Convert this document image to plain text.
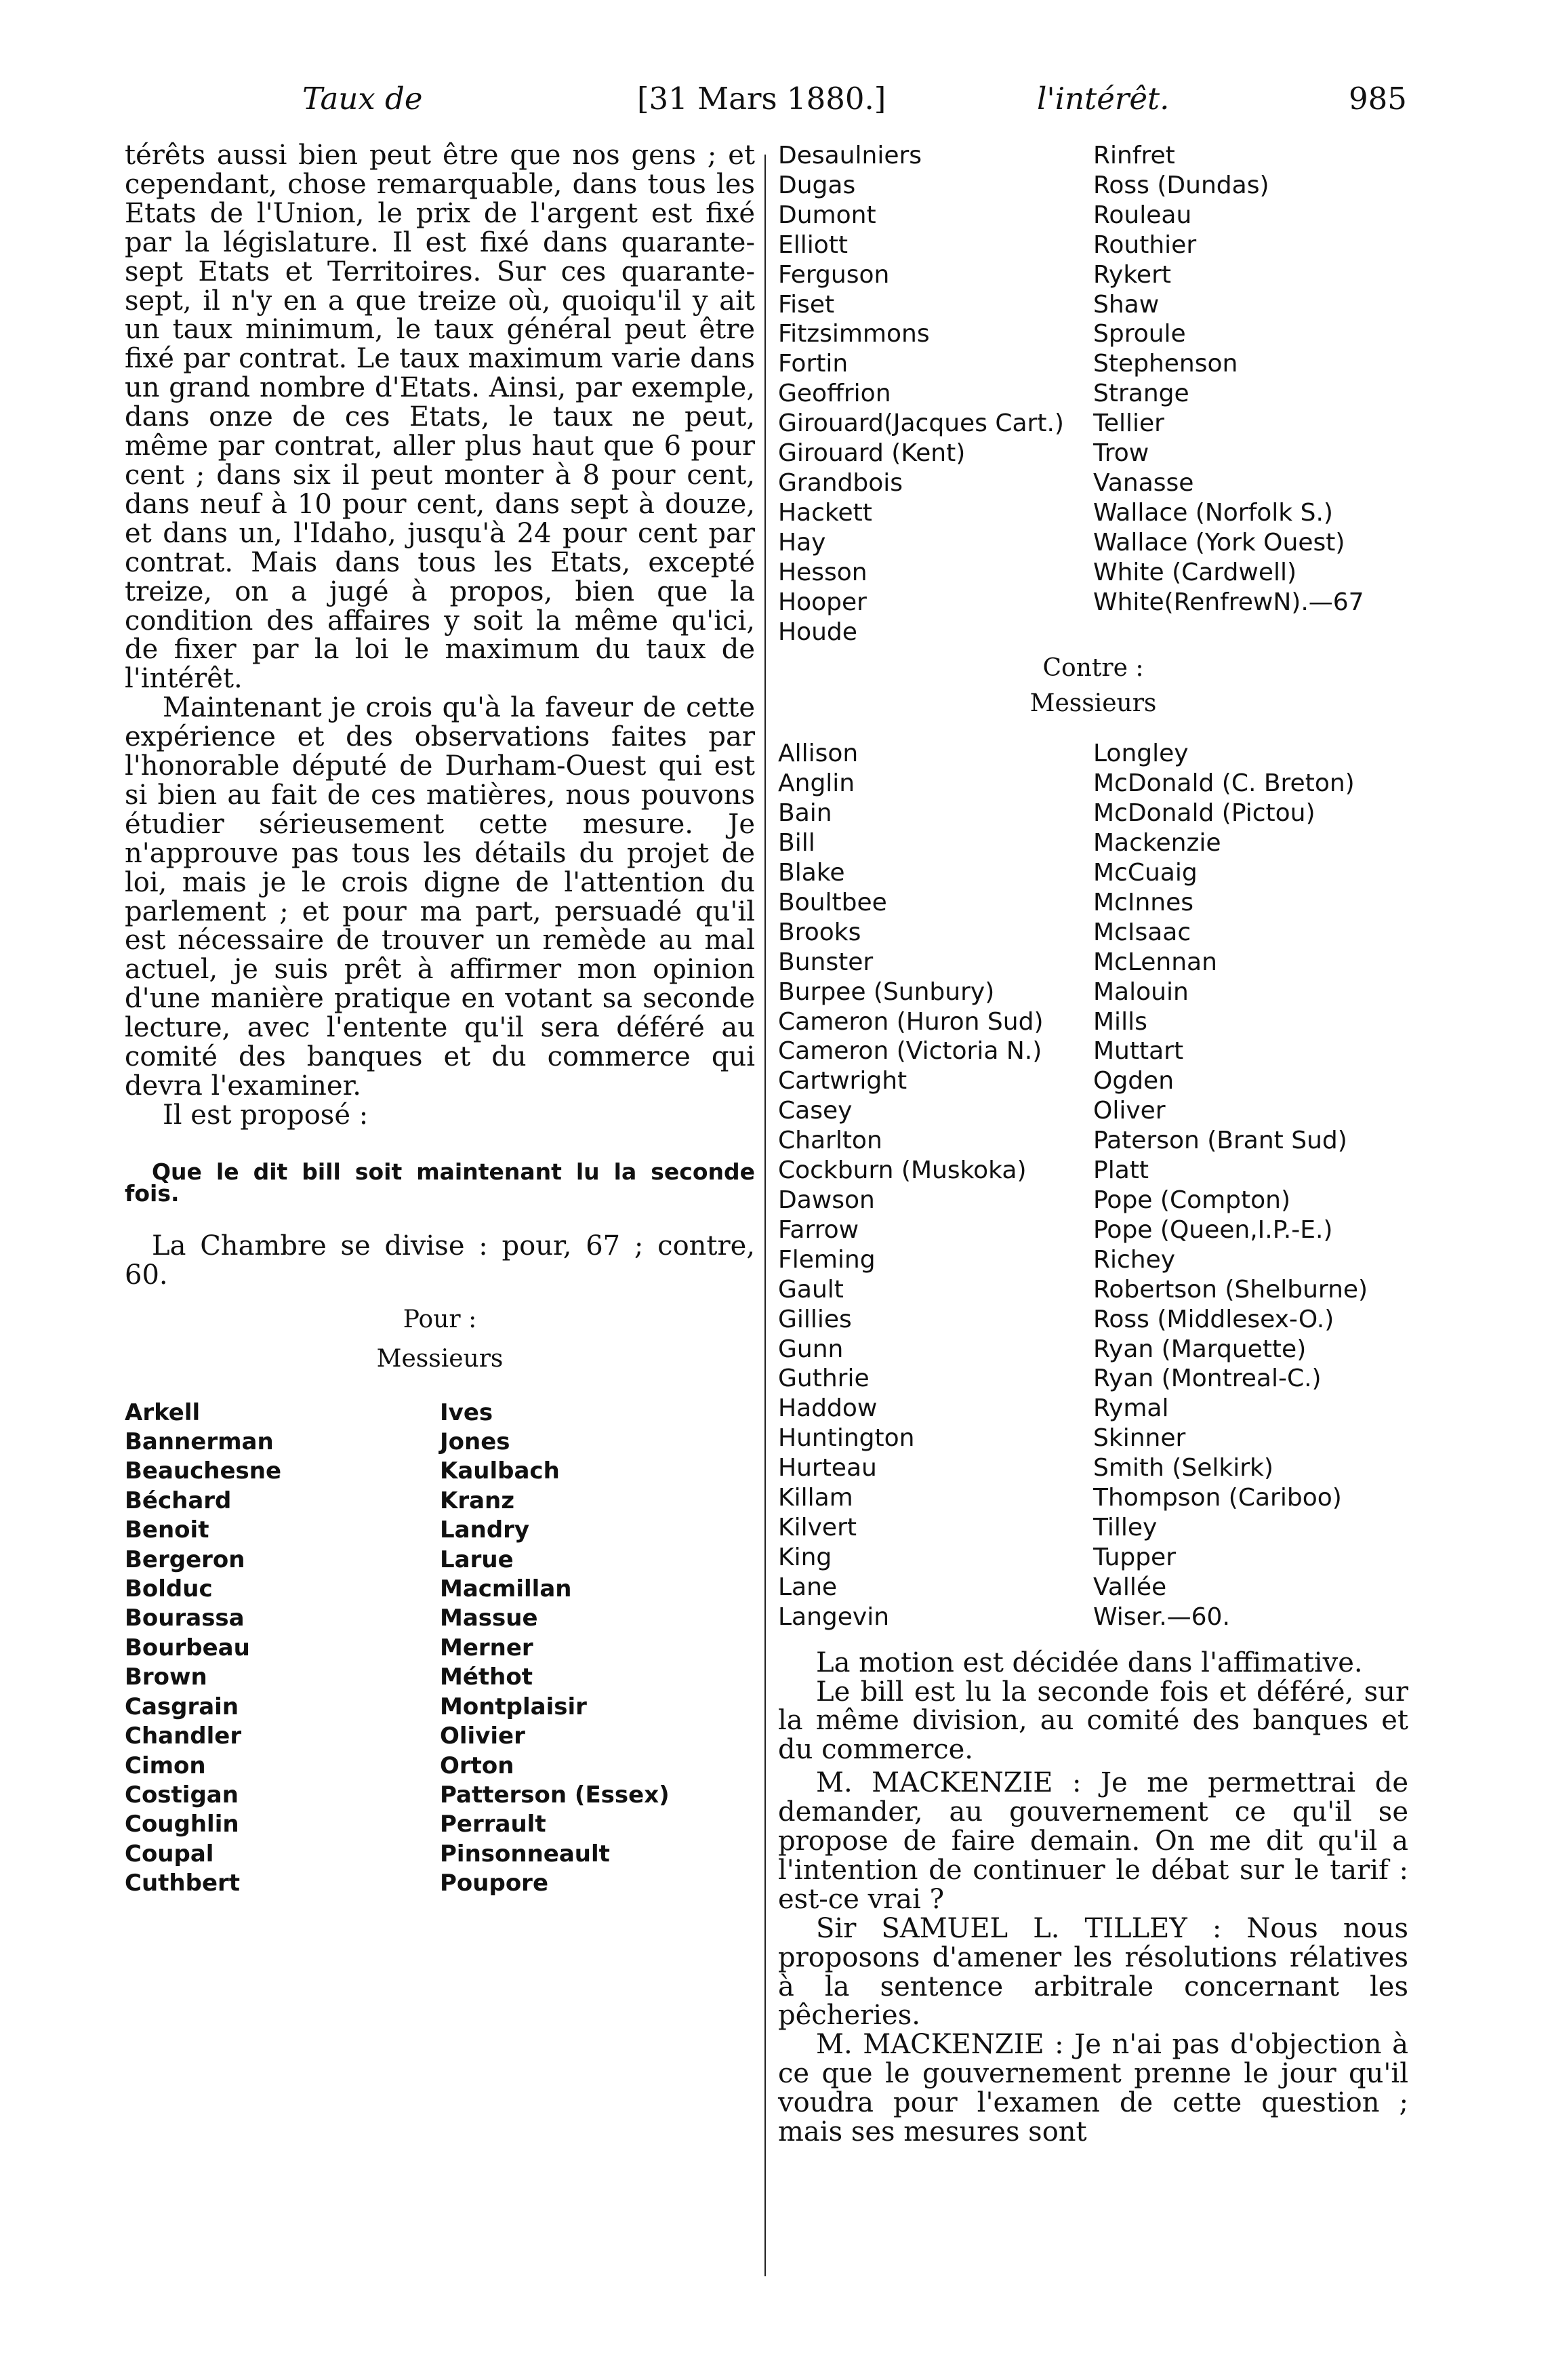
Taux de	[31 Mars 1880.]	l'intérêt.	985

térêts aussi bien peut être que nos gens ; et cependant, chose remarquable, dans tous les Etats de l'Union, le prix de l'argent est fixé par la législature. Il est fixé dans quarante-sept Etats et Territoires. Sur ces quarante-sept, il n'y en a que treize où, quoiqu'il y ait un taux minimum, le taux général peut être fixé par contrat. Le taux maximum varie dans un grand nombre d'Etats. Ainsi, par exemple, dans onze de ces Etats, le taux ne peut, même par contrat, aller plus haut que 6 pour cent ; dans six il peut monter à 8 pour cent, dans neuf à 10 pour cent, dans sept à douze, et dans un, l'Idaho, jusqu'à 24 pour cent par contrat. Mais dans tous les Etats, excepté treize, on a jugé à propos, bien que la condition des affaires y soit la même qu'ici, de fixer par la loi le maximum du taux de l'intérêt.

Maintenant je crois qu'à la faveur de cette expérience et des observations faites par l'honorable député de Durham-Ouest qui est si bien au fait de ces matières, nous pouvons étudier sérieusement cette mesure. Je n'approuve pas tous les détails du projet de loi, mais je le crois digne de l'attention du parlement ; et pour ma part, persuadé qu'il est nécessaire de trouver un remède au mal actuel, je suis prêt à affirmer mon opinion d'une manière pratique en votant sa seconde lecture, avec l'entente qu'il sera déféré au comité des banques et du commerce qui devra l'examiner.

Il est proposé :

Que le dit bill soit maintenant lu la seconde fois.

La Chambre se divise : pour, 67 ; contre, 60.

Pour :

Messieurs

Arkell	Ives
Bannerman	Jones
Beauchesne	Kaulbach
Béchard	Kranz
Benoit	Landry
Bergeron	Larue
Bolduc	Macmillan
Bourassa	Massue
Bourbeau	Merner
Brown	Méthot
Casgrain	Montplaisir
Chandler	Olivier
Cimon	Orton
Costigan	Patterson (Essex)
Coughlin	Perrault
Coupal	Pinsonneault
Cuthbert	Poupore
Desaulniers	Rinfret
Dugas	Ross (Dundas)
Dumont	Rouleau
Elliott	Routhier
Ferguson	Rykert
Fiset	Shaw
Fitzsimmons	Sproule
Fortin	Stephenson
Geoffrion	Strange
Girouard(Jacques Cart.)	Tellier
Girouard (Kent)	Trow
Grandbois	Vanasse
Hackett	Wallace (Norfolk S.)
Hay	Wallace (York Ouest)
Hesson	White (Cardwell)
Hooper	White(RenfrewN).—67
Houde

Contre :

Messieurs

Allison	Longley
Anglin	McDonald (C. Breton)
Bain	McDonald (Pictou)
Bill	Mackenzie
Blake	McCuaig
Boultbee	McInnes
Brooks	McIsaac
Bunster	McLennan
Burpee (Sunbury)	Malouin
Cameron (Huron Sud)	Mills
Cameron (Victoria N.)	Muttart
Cartwright	Ogden
Casey	Oliver
Charlton	Paterson (Brant Sud)
Cockburn (Muskoka)	Platt
Dawson	Pope (Compton)
Farrow	Pope (Queen,I.P.-E.)
Fleming	Richey
Gault	Robertson (Shelburne)
Gillies	Ross (Middlesex-O.)
Gunn	Ryan (Marquette)
Guthrie	Ryan (Montreal-C.)
Haddow	Rymal
Huntington	Skinner
Hurteau	Smith (Selkirk)
Killam	Thompson (Cariboo)
Kilvert	Tilley
King	Tupper
Lane	Vallée
Langevin	Wiser.—60.

La motion est décidée dans l'affimative.

Le bill est lu la seconde fois et déféré, sur la même division, au comité des banques et du commerce.

M. MACKENZIE : Je me permettrai de demander, au gouvernement ce qu'il se propose de faire demain. On me dit qu'il a l'intention de continuer le débat sur le tarif : est-ce vrai ?

Sir SAMUEL L. TILLEY : Nous nous proposons d'amener les résolutions rélatives à la sentence arbitrale concernant les pêcheries.

M. MACKENZIE : Je n'ai pas d'objection à ce que le gouvernement prenne le jour qu'il voudra pour l'examen de cette question ; mais ses mesures sont
